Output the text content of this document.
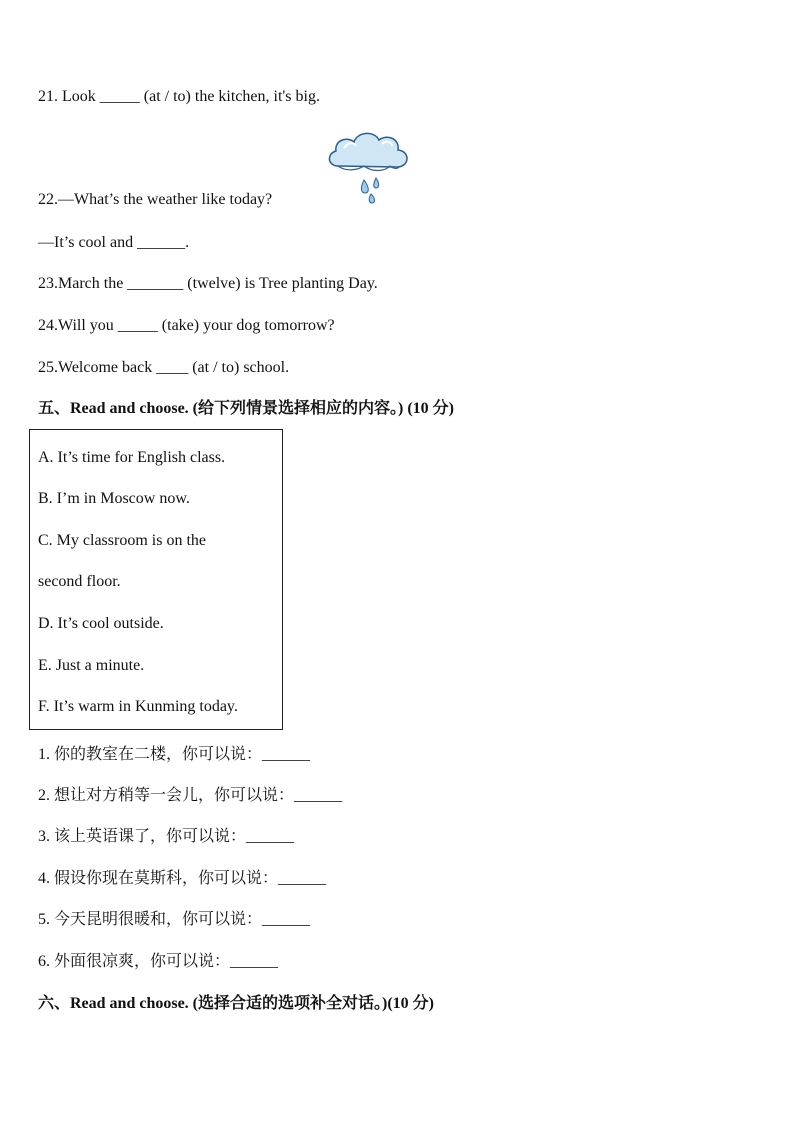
21. Look _____ (at / to) the kitchen, it's big.
22.—What’s the weather like today?
—It’s cool and ______.
23.March the _______ (twelve) is Tree planting Day.
24.Will you _____ (take) your dog tomorrow?
25.Welcome back ____ (at / to) school.
五、Read and choose. (给下列情景选择相应的内容。) (10 分)
A. It’s time for English class.
B. I’m in Moscow now.
C. My classroom is on the
second floor.
D. It’s cool outside.
E. Just a minute.
F. It’s warm in Kunming today.
1. 你的教室在二楼，你可以说：______
2. 想让对方稍等一会儿，你可以说：______
3. 该上英语课了，你可以说：______
4. 假设你现在莫斯科，你可以说：______
5. 今天昆明很暖和，你可以说：______
6. 外面很凉爽，你可以说：______
六、Read and choose. (选择合适的选项补全对话。)(10 分)
